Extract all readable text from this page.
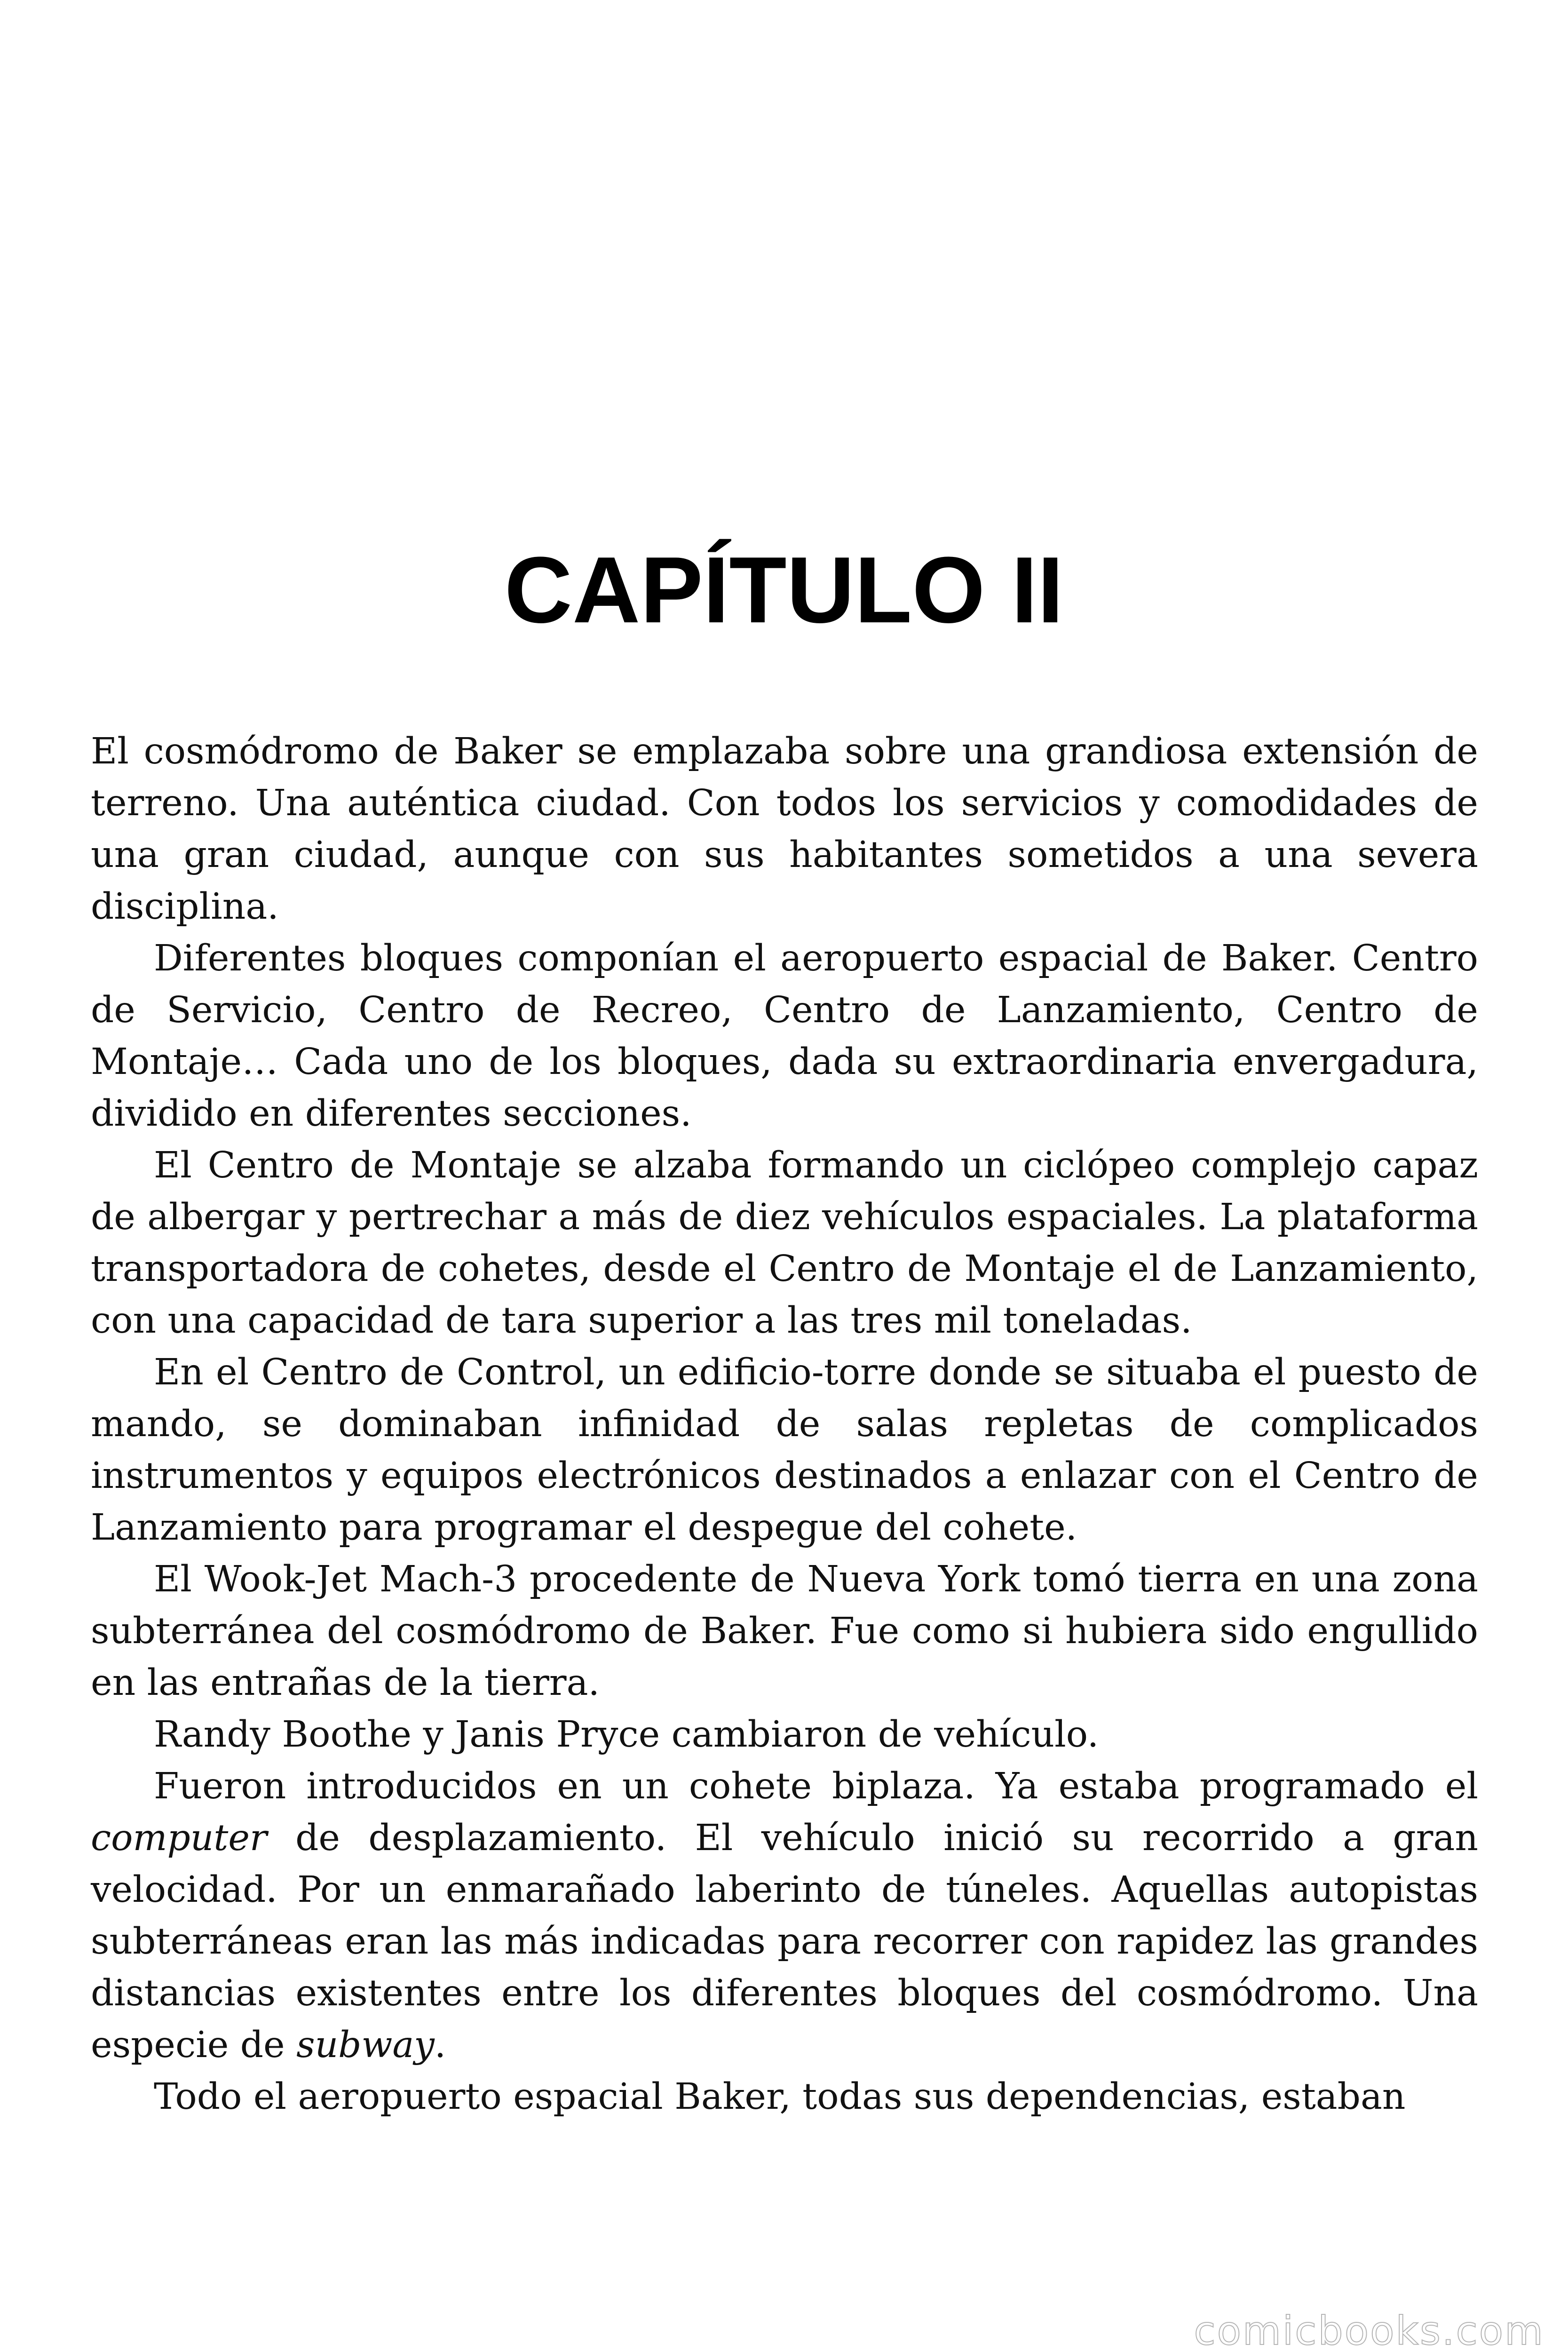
CAPÍTULO II

El cosmódromo de Baker se emplazaba sobre una grandiosa extensión de terreno. Una auténtica ciudad. Con todos los servicios y comodidades de una gran ciudad, aunque con sus habitantes sometidos a una severa disciplina.

Diferentes bloques componían el aeropuerto espacial de Baker. Centro de Servicio, Centro de Recreo, Centro de Lanzamiento, Centro de Montaje… Cada uno de los bloques, dada su extraordinaria envergadura, dividido en diferentes secciones.

El Centro de Montaje se alzaba formando un ciclópeo complejo capaz de albergar y pertrechar a más de diez vehículos espaciales. La plataforma transportadora de cohetes, desde el Centro de Montaje el de Lanzamiento, con una capacidad de tara superior a las tres mil toneladas.

En el Centro de Control, un edificio-torre donde se situaba el puesto de mando, se dominaban infinidad de salas repletas de complicados instrumentos y equipos electrónicos destinados a enlazar con el Centro de Lanzamiento para programar el despegue del cohete.

El Wook-Jet Mach-3 procedente de Nueva York tomó tierra en una zona subterránea del cosmódromo de Baker. Fue como si hubiera sido engullido en las entrañas de la tierra.

Randy Boothe y Janis Pryce cambiaron de vehículo.

Fueron introducidos en un cohete biplaza. Ya estaba programado el computer de desplazamiento. El vehículo inició su recorrido a gran velocidad. Por un enmarañado laberinto de túneles. Aquellas autopistas subterráneas eran las más indicadas para recorrer con rapidez las grandes distancias existentes entre los diferentes bloques del cosmódromo. Una especie de subway.

Todo el aeropuerto espacial Baker, todas sus dependencias, estaban

comicbooks.com
